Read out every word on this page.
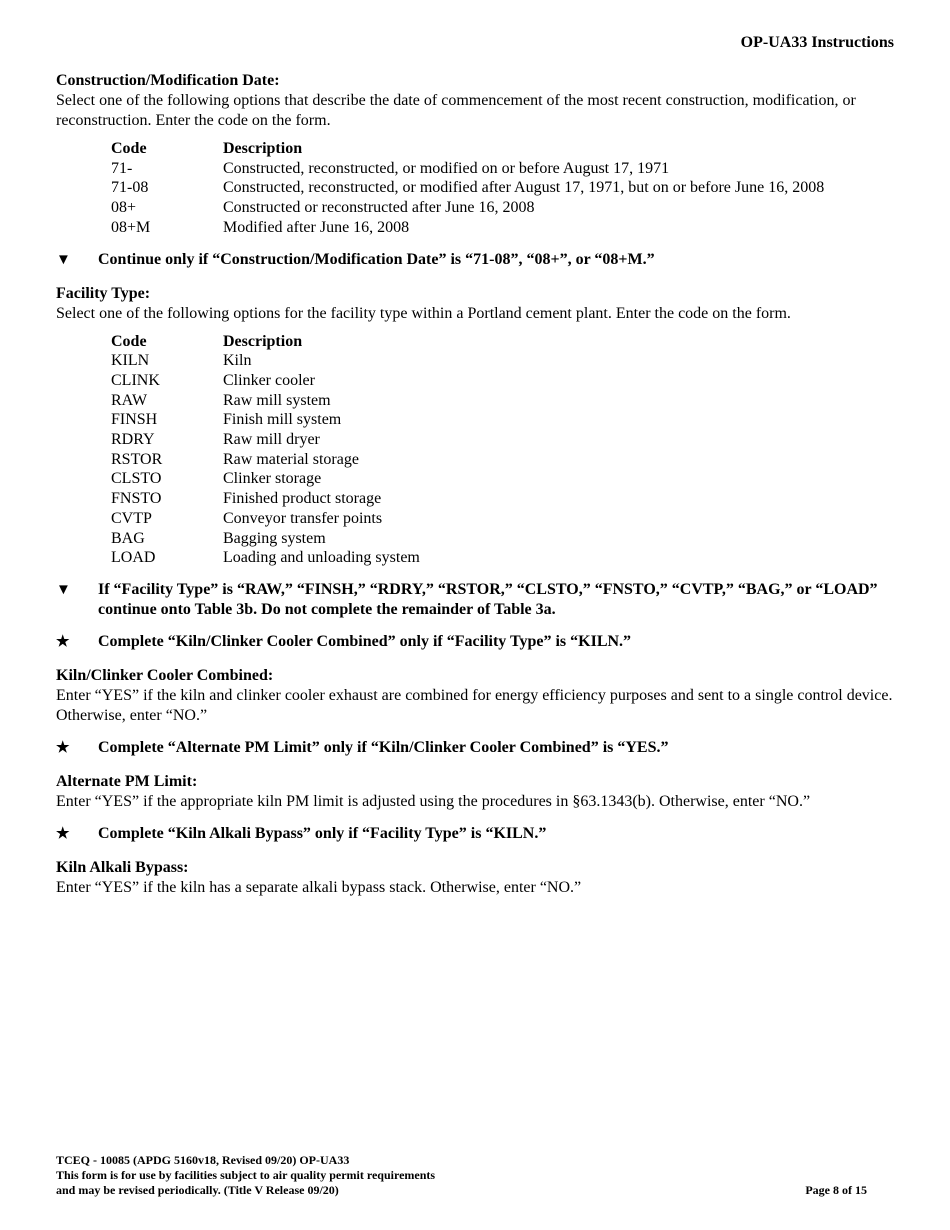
OP-UA33 Instructions
Construction/Modification Date:

Select one of the following options that describe the date of commencement of the most recent construction, modification, or reconstruction. Enter the code on the form.

Code	Description
71-	Constructed, reconstructed, or modified on or before August 17, 1971
71-08	Constructed, reconstructed, or modified after August 17, 1971, but on or before June 16, 2008
08+	Constructed or reconstructed after June 16, 2008
08+M	Modified after June 16, 2008
▼	Continue only if “Construction/Modification Date” is “71-08”, “08+”, or “08+M.”
Facility Type:

Select one of the following options for the facility type within a Portland cement plant. Enter the code on the form.

Code	Description
KILN	Kiln
CLINK	Clinker cooler
RAW	Raw mill system
FINSH	Finish mill system
RDRY	Raw mill dryer
RSTOR	Raw material storage
CLSTO	Clinker storage
FNSTO	Finished product storage
CVTP	Conveyor transfer points
BAG	Bagging system
LOAD	Loading and unloading system
▼	If “Facility Type” is “RAW,” “FINSH,” “RDRY,” “RSTOR,” “CLSTO,” “FNSTO,” “CVTP,” “BAG,” or “LOAD” continue onto Table 3b. Do not complete the remainder of Table 3a.
★	Complete “Kiln/Clinker Cooler Combined” only if “Facility Type” is “KILN.”
Kiln/Clinker Cooler Combined:

Enter “YES” if the kiln and clinker cooler exhaust are combined for energy efficiency purposes and sent to a single control device. Otherwise, enter “NO.”

★	Complete “Alternate PM Limit” only if “Kiln/Clinker Cooler Combined” is “YES.”
Alternate PM Limit:

Enter “YES” if the appropriate kiln PM limit is adjusted using the procedures in §63.1343(b). Otherwise, enter “NO.”

★	Complete “Kiln Alkali Bypass” only if “Facility Type” is “KILN.”
Kiln Alkali Bypass:

Enter “YES” if the kiln has a separate alkali bypass stack. Otherwise, enter “NO.”

TCEQ - 10085 (APDG 5160v18, Revised 09/20) OP-UA33
This form is for use by facilities subject to air quality permit requirements
and may be revised periodically. (Title V Release 09/20)	Page 8 of 15
